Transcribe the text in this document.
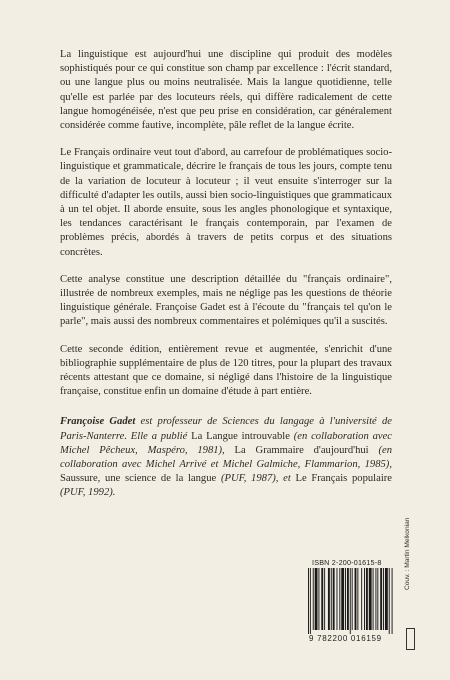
La linguistique est aujourd'hui une discipline qui produit des modèles sophistiqués pour ce qui constitue son champ par excellence : l'écrit standard, ou une langue plus ou moins neutralisée. Mais la langue quotidienne, telle qu'elle est parlée par des locuteurs réels, qui diffère radicalement de cette langue homogénéisée, n'est que peu prise en considération, car généralement considérée comme fautive, incomplète, pâle reflet de la langue écrite.

Le Français ordinaire veut tout d'abord, au carrefour de problématiques socio-linguistique et grammaticale, décrire le français de tous les jours, compte tenu de la variation de locuteur à locuteur ; il veut ensuite s'interroger sur la difficulté d'adapter les outils, aussi bien socio-linguistiques que grammaticaux à un tel objet. Il aborde ensuite, sous les angles phonologique et syntaxique, les tendances caractérisant le français contemporain, par l'examen de problèmes précis, abordés à travers de petits corpus et des situations concrètes.

Cette analyse constitue une description détaillée du "français ordinaire", illustrée de nombreux exemples, mais ne néglige pas les questions de théorie linguistique générale. Françoise Gadet est à l'écoute du "français tel qu'on le parle", mais aussi des nombreux commentaires et polémiques qu'il a suscités.

Cette seconde édition, entièrement revue et augmentée, s'enrichit d'une bibliographie supplémentaire de plus de 120 titres, pour la plupart des travaux récents attestant que ce domaine, si négligé dans l'histoire de la linguistique française, constitue enfin un domaine d'étude à part entière.

Françoise Gadet est professeur de Sciences du langage à l'université de Paris-Nanterre. Elle a publié La Langue introuvable (en collaboration avec Michel Pêcheux, Maspéro, 1981), La Grammaire d'aujourd'hui (en collaboration avec Michel Arrivé et Michel Galmiche, Flammarion, 1985), Saussure, une science de la langue (PUF, 1987), et Le Français populaire (PUF, 1992).

ISBN 2-200-01615-8
9 782200 016159
Couv. : Martin Melkonian
